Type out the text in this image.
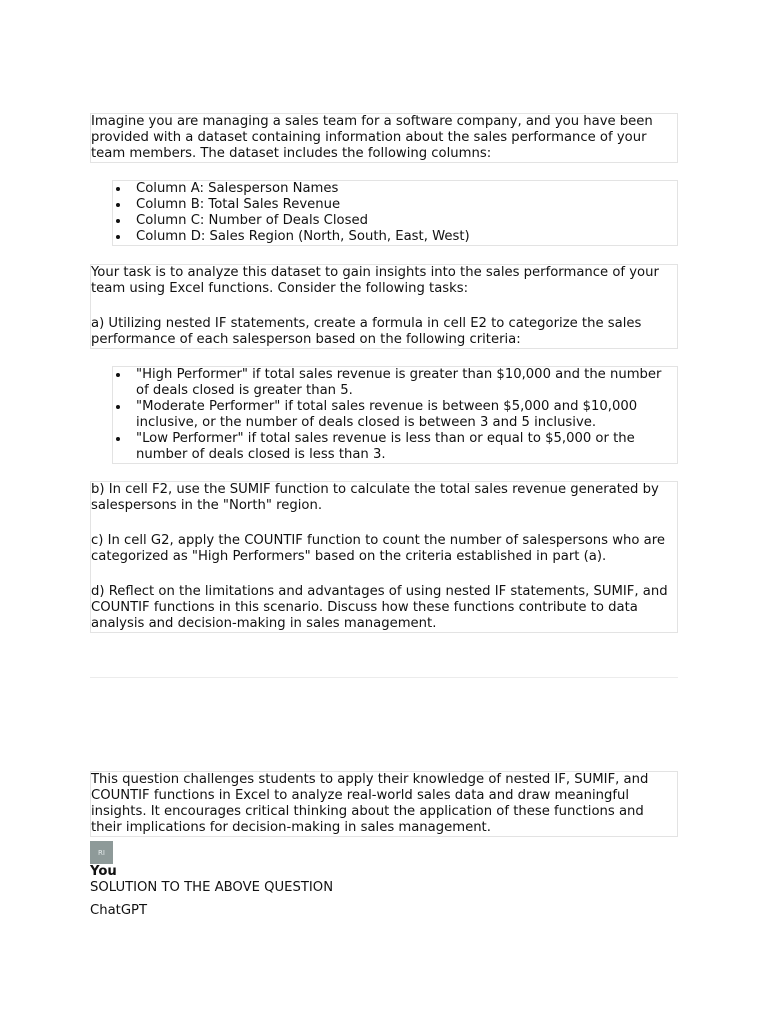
Imagine you are managing a sales team for a software company, and you have been provided with a dataset containing information about the sales performance of your team members. The dataset includes the following columns:

Column A: Salesperson Names
Column B: Total Sales Revenue
Column C: Number of Deals Closed
Column D: Sales Region (North, South, East, West)

Your task is to analyze this dataset to gain insights into the sales performance of your team using Excel functions. Consider the following tasks:

a) Utilizing nested IF statements, create a formula in cell E2 to categorize the sales performance of each salesperson based on the following criteria:

"High Performer" if total sales revenue is greater than $10,000 and the number of deals closed is greater than 5.
"Moderate Performer" if total sales revenue is between $5,000 and $10,000 inclusive, or the number of deals closed is between 3 and 5 inclusive.
"Low Performer" if total sales revenue is less than or equal to $5,000 or the number of deals closed is less than 3.

b) In cell F2, use the SUMIF function to calculate the total sales revenue generated by salespersons in the "North" region.

c) In cell G2, apply the COUNTIF function to count the number of salespersons who are categorized as "High Performers" based on the criteria established in part (a).

d) Reflect on the limitations and advantages of using nested IF statements, SUMIF, and COUNTIF functions in this scenario. Discuss how these functions contribute to data analysis and decision-making in sales management.

This question challenges students to apply their knowledge of nested IF, SUMIF, and COUNTIF functions in Excel to analyze real-world sales data and draw meaningful insights. It encourages critical thinking about the application of these functions and their implications for decision-making in sales management.

RI
You
SOLUTION TO THE ABOVE QUESTION
ChatGPT
